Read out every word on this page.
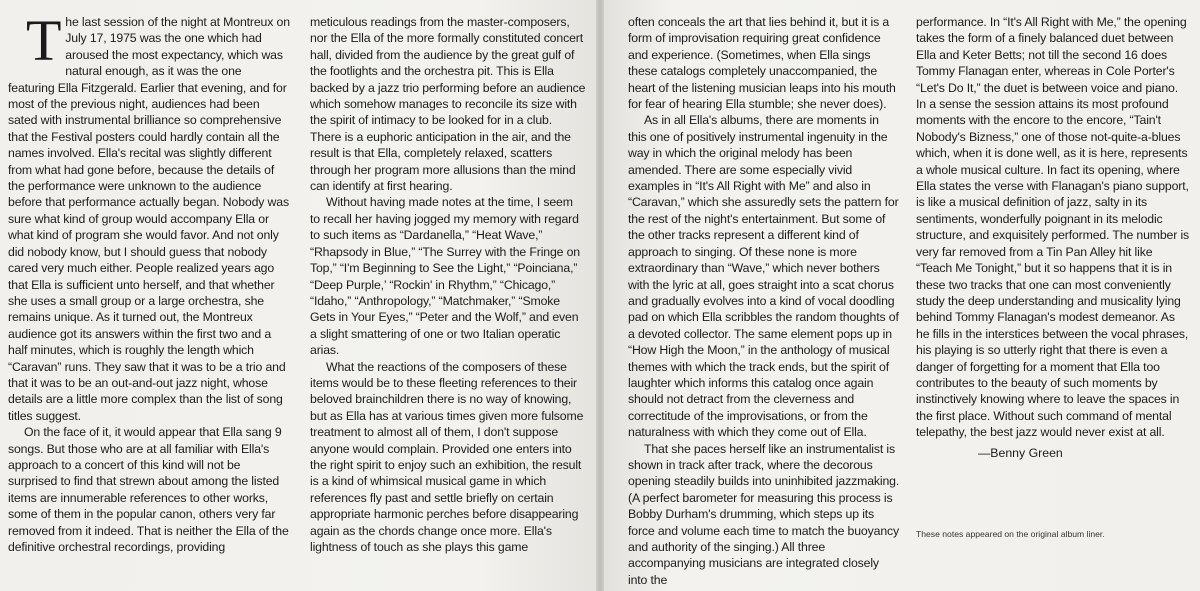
T he last session of the night at Montreux on July 17, 1975 was the one which had aroused the most expectancy, which was natural enough, as it was the one featuring Ella Fitzgerald. Earlier that evening, and for most of the previous night, audiences had been sated with instrumental brilliance so comprehensive that the Festival posters could hardly contain all the names involved. Ella's recital was slightly different from what had gone before, because the details of the performance were unknown to the audience before that performance actually began. Nobody was sure what kind of group would accompany Ella or what kind of program she would favor. And not only did nobody know, but I should guess that nobody cared very much either. People realized years ago that Ella is sufficient unto herself, and that whether she uses a small group or a large orchestra, she remains unique. As it turned out, the Montreux audience got its answers within the first two and a half minutes, which is roughly the length which “Caravan” runs. They saw that it was to be a trio and that it was to be an out-and-out jazz night, whose details are a little more complex than the list of song titles suggest.

On the face of it, it would appear that Ella sang 9 songs. But those who are at all familiar with Ella's approach to a concert of this kind will not be surprised to find that strewn about among the listed items are innumerable references to other works, some of them in the popular canon, others very far removed from it indeed. That is neither the Ella of the definitive orchestral recordings, providing

meticulous readings from the master-composers, nor the Ella of the more formally constituted concert hall, divided from the audience by the great gulf of the footlights and the orchestra pit. This is Ella backed by a jazz trio performing before an audience which somehow manages to reconcile its size with the spirit of intimacy to be looked for in a club. There is a euphoric anticipation in the air, and the result is that Ella, completely relaxed, scatters through her program more allusions than the mind can identify at first hearing.

Without having made notes at the time, I seem to recall her having jogged my memory with regard to such items as “Dardanella,” “Heat Wave,” “Rhapsody in Blue,” “The Surrey with the Fringe on Top,” “I'm Beginning to See the Light,” “Poinciana,” “Deep Purple,’ “Rockin' in Rhythm,” “Chicago,” “Idaho,” “Anthropology,” “Matchmaker,” “Smoke Gets in Your Eyes,” “Peter and the Wolf,” and even a slight smattering of one or two Italian operatic arias.

What the reactions of the composers of these items would be to these fleeting references to their beloved brainchildren there is no way of knowing, but as Ella has at various times given more fulsome treatment to almost all of them, I don't suppose anyone would complain. Provided one enters into the right spirit to enjoy such an exhibition, the result is a kind of whimsical musical game in which references fly past and settle briefly on certain appropriate harmonic perches before disappearing again as the chords change once more. Ella's lightness of touch as she plays this game

often conceals the art that lies behind it, but it is a form of improvisation requiring great confidence and experience. (Sometimes, when Ella sings these catalogs completely unaccompanied, the heart of the listening musician leaps into his mouth for fear of hearing Ella stumble; she never does).

As in all Ella's albums, there are moments in this one of positively instrumental ingenuity in the way in which the original melody has been amended. There are some especially vivid examples in “It's All Right with Me” and also in “Caravan,” which she assuredly sets the pattern for the rest of the night's entertainment. But some of the other tracks represent a different kind of approach to singing. Of these none is more extraordinary than “Wave,” which never bothers with the lyric at all, goes straight into a scat chorus and gradually evolves into a kind of vocal doodling pad on which Ella scribbles the random thoughts of a devoted collector. The same element pops up in “How High the Moon,” in the anthology of musical themes with which the track ends, but the spirit of laughter which informs this catalog once again should not detract from the cleverness and correctitude of the improvisations, or from the naturalness with which they come out of Ella.

That she paces herself like an instrumentalist is shown in track after track, where the decorous opening steadily builds into uninhibited jazzmaking. (A perfect barometer for measuring this process is Bobby Durham's drumming, which steps up its force and volume each time to match the buoyancy and authority of the singing.) All three accompanying musicians are integrated closely into the

performance. In “It's All Right with Me,” the opening takes the form of a finely balanced duet between Ella and Keter Betts; not till the second 16 does Tommy Flanagan enter, whereas in Cole Porter's “Let's Do It,” the duet is between voice and piano. In a sense the session attains its most profound moments with the encore to the encore, “Tain't Nobody's Bizness,” one of those not-quite-a-blues which, when it is done well, as it is here, represents a whole musical culture. In fact its opening, where Ella states the verse with Flanagan's piano support, is like a musical definition of jazz, salty in its sentiments, wonderfully poignant in its melodic structure, and exquisitely performed. The number is very far removed from a Tin Pan Alley hit like “Teach Me Tonight,” but it so happens that it is in these two tracks that one can most conveniently study the deep understanding and musicality lying behind Tommy Flanagan's modest demeanor. As he fills in the interstices between the vocal phrases, his playing is so utterly right that there is even a danger of forgetting for a moment that Ella too contributes to the beauty of such moments by instinctively knowing where to leave the spaces in the first place. Without such command of mental telepathy, the best jazz would never exist at all.

—Benny Green
These notes appeared on the original album liner.
